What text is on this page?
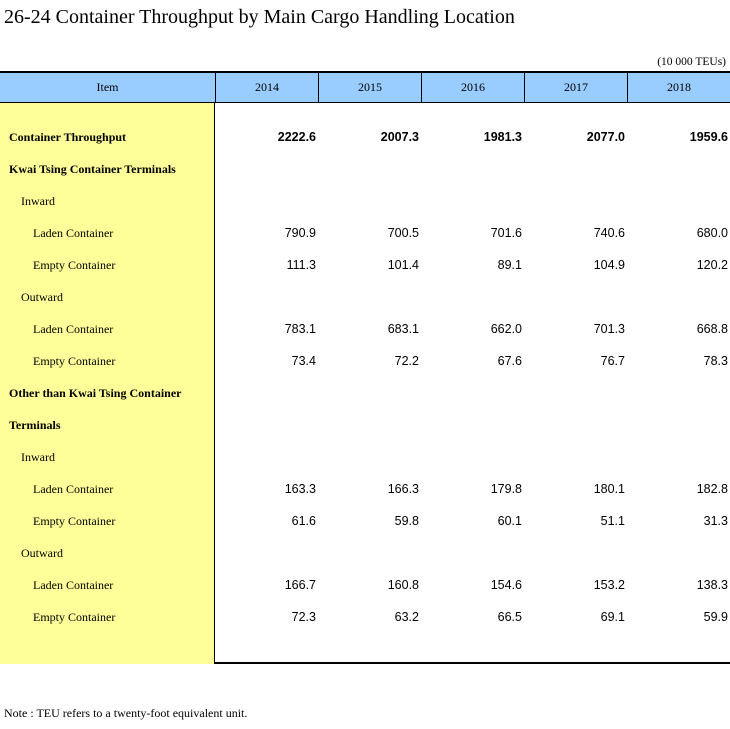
26-24 Container Throughput by Main Cargo Handling Location
(10 000 TEUs)
Item	2014	2015	2016	2017	2018
Container Throughput	2222.6	2007.3	1981.3	2077.0	1959.6
Kwai Tsing Container Terminals
Inward
Laden Container	790.9	700.5	701.6	740.6	680.0
Empty Container	111.3	101.4	89.1	104.9	120.2
Outward
Laden Container	783.1	683.1	662.0	701.3	668.8
Empty Container	73.4	72.2	67.6	76.7	78.3
Other than Kwai Tsing Container
Terminals
Inward
Laden Container	163.3	166.3	179.8	180.1	182.8
Empty Container	61.6	59.8	60.1	51.1	31.3
Outward
Laden Container	166.7	160.8	154.6	153.2	138.3
Empty Container	72.3	63.2	66.5	69.1	59.9
Note : TEU refers to a twenty-foot equivalent unit.
